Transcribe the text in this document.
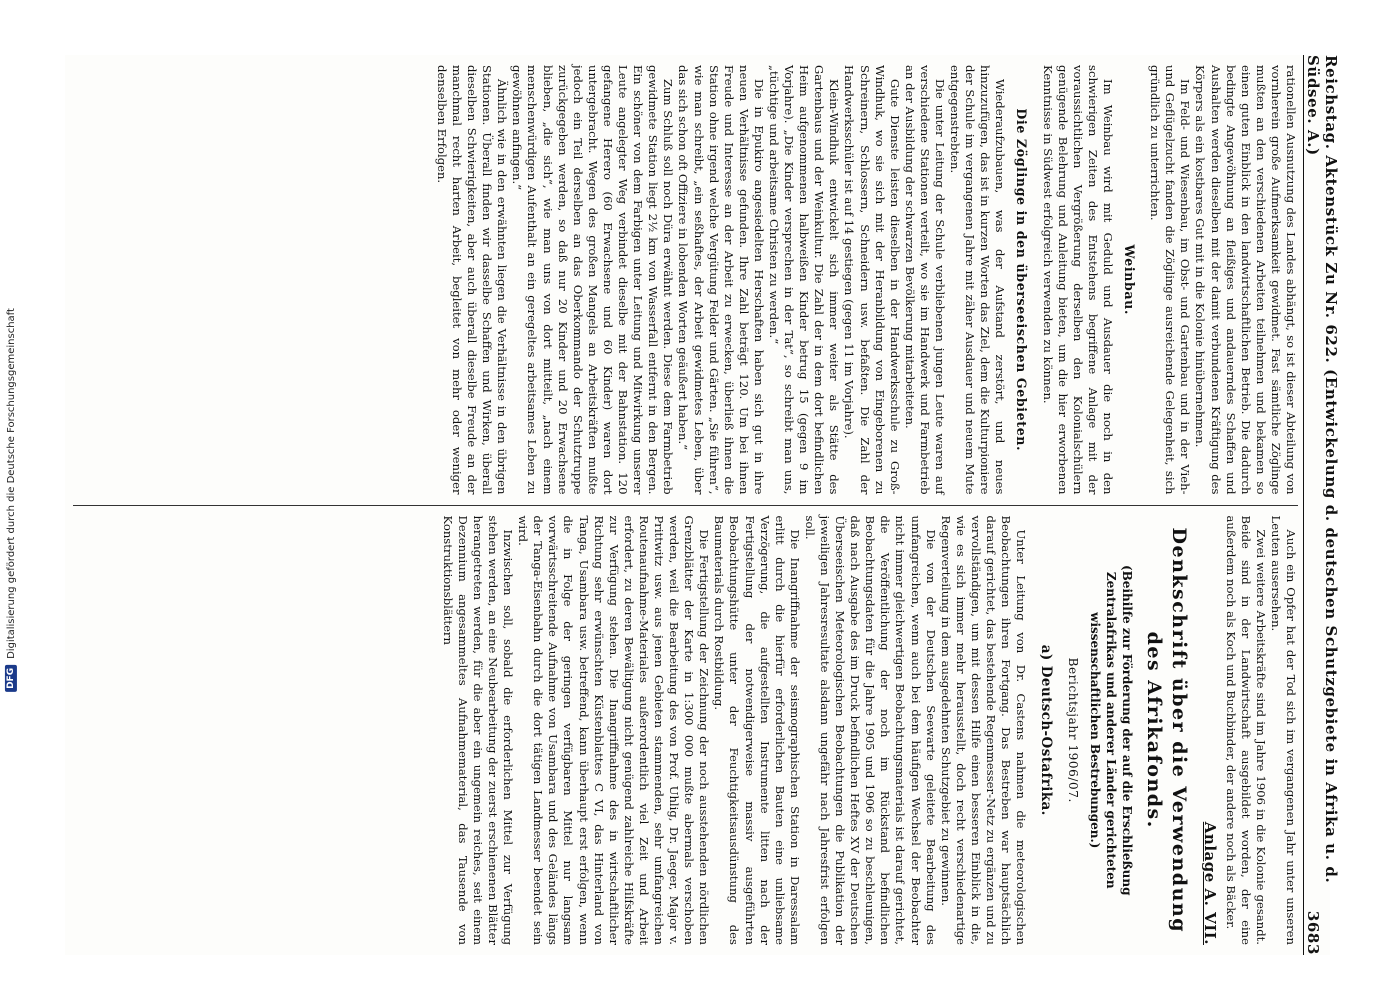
DFG
Digitalisierung gefördert durch die Deutsche Forschungsgemeinschaft	Reichstag. Aktenstück Zu Nr. 622. (Entwickelung d. deutschen Schutzgebiete in Afrika u. d. Südsee. A.)
3683

rationellen Ausnutzung des Landes abhängt, so ist dieser Abteilung von vornherein große Aufmerksamkeit gewidmet. Fast sämtliche Zöglinge mußten an den verschiedenen Arbeiten teilnehmen und bekamen so einen guten Einblick in den landwirtschaftlichen Betrieb. Die dadurch bedingte Angewöhnung an fleißiges und andauerndes Schaffen und Aushalten werden dieselben mit der damit verbundenen Kräftigung des Körpers als ein kostbares Gut mit in die Kolonie hinübernehmen.

Im Feld- und Wiesenbau, im Obst- und Gartenbau und in der Vieh- und Geflügelzucht fanden die Zöglinge ausreichende Gelegenheit, sich gründlich zu unterrichten.

Weinbau.

Im Weinbau wird mit Geduld und Ausdauer die noch in den schwierigen Zeiten des Entstehens begriffene Anlage mit der voraussichtlichen Vergrößerung derselben den Kolonialschülern genügende Belehrung und Anleitung bieten, um die hier erworbenen Kenntnisse in Südwest erfolgreich verwenden zu können.

Die Zöglinge in den überseeischen Gebieten.

Wiederaufzubauen, was der Aufstand zerstört, und neues hinzuzufügen, das ist in kurzen Worten das Ziel, dem die Kulturpioniere der Schule im vergangenen Jahre mit zäher Ausdauer und neuem Mute entgegenstrebten.

Die unter Leitung der Schule verbliebenen jungen Leute waren auf verschiedene Stationen verteilt, wo sie im Handwerk und Farmbetrieb an der Ausbildung der schwarzen Bevölkerung mitarbeiteten.

Gute Dienste leisten dieselben in der Handwerksschule zu Groß-Windhuk, wo sie sich mit der Heranbildung von Eingeborenen zu Schreinern, Schlossern, Schneidern usw. befaßten. Die Zahl der Handwerksschüler ist auf 14 gestiegen (gegen 11 im Vorjahre).

Klein-Windhuk entwickelt sich immer weiter als Stätte des Gartenbaus und der Weinkultur. Die Zahl der in dem dort befindlichen Heim aufgenommenen halbweißen Kinder betrug 15 (gegen 9 im Vorjahre). „Die Kinder versprechen in der Tat“, so schreibt man uns, „tüchtige und arbeitsame Christen zu werden.“

Die in Epukiro angesiedelten Herschaften haben sich gut in ihre neuen Verhältnisse gefunden. Ihre Zahl beträgt 120. Um bei ihnen Freude und Interesse an der Arbeit zu erwecken, überließ ihnen die Station ohne irgend welche Vergütung Felder und Gärten. „Sie führen“, wie man schreibt, „ein seßhaftes, der Arbeit gewidmetes Leben, über das sich schon oft Offiziere in lobenden Worten geäußert haben.“

Zum Schluß soll noch Düra erwähnt werden. Diese dem Farmbetrieb gewidmete Station liegt 2½ km von Wasserfall entfernt in den Bergen. Ein schöner von dem Farbigen unter Leitung und Mitwirkung unserer Leute angelegter Weg verbindet dieselbe mit der Bahnstation. 120 gefangene Herero (60 Erwachsene und 60 Kinder) waren dort untergebracht. Wegen des großen Mangels an Arbeitskräften mußte jedoch ein Teil derselben an das Oberkommando der Schutztruppe zurückgegeben werden, so daß nur 20 Kinder und 20 Erwachsene blieben, „die sich“, wie man uns von dort mitteilt, „nach einem menschenwürdigen Aufenthalt an ein geregeltes arbeitsames Leben zu gewöhnen anfingen.“

Ähnlich wie in den erwähnten liegen die Verhältnisse in den übrigen Stationen. Überall finden wir dasselbe Schaffen und Wirken, überall dieselben Schwierigkeiten, aber auch überall dieselbe Freude an der manchmal recht harten Arbeit, begleitet von mehr oder weniger denselben Erfolgen.

Auch ein Opfer hat der Tod sich im vergangenen Jahr unter unseren Leuten ausersehen.

Zwei weitere Arbeitskräfte sind im Jahre 1906 in die Kolonie gesandt. Beide sind in der Landwirtschaft ausgebildet worden, der eine außerdem noch als Koch und Buchbinder, der andere noch als Bäcker.

Anlage A. VII.
Denkschrift über die Verwendung des Afrikafonds.
(Beihilfe zur Förderung der auf die Erschließung Zentralafrikas und anderer Länder gerichteten wissenschaftlichen Bestrebungen.)
Berichtsjahr 1906/07.
a) Deutsch-Ostafrika.

Unter Leitung von Dr. Castens nahmen die meteorologischen Beobachtungen ihren Fortgang. Das Bestreben war hauptsächlich darauf gerichtet, das bestehende Regenmesser-Netz zu ergänzen und zu vervollständigen, um mit dessen Hilfe einen besseren Einblick in die, wie es sich immer mehr herausstellt, doch recht verschiedenartige Regenverteilung in dem ausgedehnten Schutzgebiet zu gewinnen.

Die von der Deutschen Seewarte geleitete Bearbeitung des umfangreichen, wenn auch bei dem häufigen Wechsel der Beobachter nicht immer gleichwertigen Beobachtungsmaterials ist darauf gerichtet, die Veröffentlichung der noch im Rückstand befindlichen Beobachtungsdaten für die Jahre 1905 und 1906 so zu beschleunigen, daß nach Ausgabe des im Druck befindlichen Heftes XV der Deutschen Überseeischen Meteorologischen Beobachtungen die Publikation der jeweiligen Jahresresultate alsdann ungefähr nach Jahresfrist erfolgen soll.

Die Inangriffnahme der seismographischen Station in Daressalam erlitt durch die hierfür erforderlichen Bauten eine unliebsame Verzögerung, die aufgestellten Instrumente litten nach der Fertigstellung der notwendigerweise massiv ausgeführten Beobachtungshütte unter der Feuchtigkeitsausdünstung des Baumaterials durch Rostbildung.

Die Fertigstellung der Zeichnung der noch ausstehenden nördlichen Grenzblätter der Karte in 1:300 000 mußte abermals verschoben werden, weil die Bearbeitung des von Prof. Uhlig, Dr. Jaeger, Major v. Prittwitz usw. aus jenen Gebieten stammenden, sehr umfangreichen Routenaufnahme-Materiales außerordentlich viel Zeit und Arbeit erfordert, zu deren Bewältigung nicht genügend zahlreiche Hilfskräfte zur Verfügung stehen. Die Inangriffnahme des in wirtschaftlicher Richtung sehr erwünschten Küstenblattes C VI, das Hinterland von Tanga, Usambara usw. betreffend, kann überhaupt erst erfolgen, wenn die in Folge der geringen verfügbaren Mittel nur langsam vorwärtsschreitende Aufnahme von Usambara und des Geländes längs der Tanga-Eisenbahn durch die dort tätigen Landmesser beendet sein wird.

Inzwischen soll, sobald die erforderlichen Mittel zur Verfügung stehen werden, an eine Neubearbeitung der zuerst erschienenen Blätter herangetreten werden, für die aber ein ungemein reiches, seit einem Dezennium angesammeltes Aufnahmematerial, das Tausende von Konstruktionsblättern
